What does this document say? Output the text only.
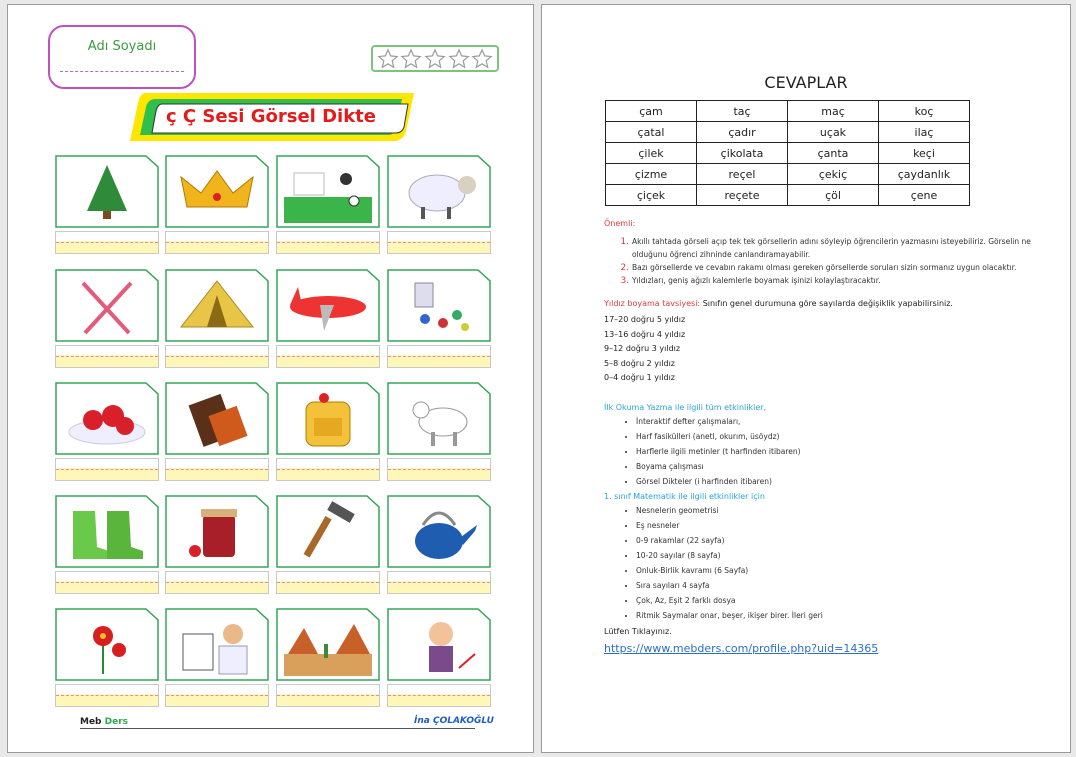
Adı Soyadı
ç Ç Sesi Görsel Dikte
Meb Ders	İna ÇOLAKOĞLU
CEVAPLAR
çam	taç	maç	koç
çatal	çadır	uçak	ilaç
çilek	çikolata	çanta	keçi
çizme	reçel	çekiç	çaydanlık
çiçek	reçete	çöl	çene
Önemli:
1. Akıllı tahtada görseli açıp tek tek görsellerin adını söyleyip öğrencilerin yazmasını isteyebiliriz. Görselin ne olduğunu öğrenci zihninde canlandıramayabilir.
2. Bazı görsellerde ve cevabın rakamı olması gereken görsellerde soruları sizin sormanız uygun olacaktır.
3. Yıldızları, geniş ağızlı kalemlerle boyamak işinizi kolaylaştıracaktır.
Yıldız boyama tavsiyesi: Sınıfın genel durumuna göre sayılarda değişiklik yapabilirsiniz.
17–20 doğru 5 yıldız
13–16 doğru 4 yıldız
9–12 doğru 3 yıldız
5–8 doğru 2 yıldız
0–4 doğru 1 yıldız
İlk Okuma Yazma ile ilgili tüm etkinlikler,
• İnteraktif defter çalışmaları,
• Harf fasikülleri (anetl, okurım, üsöydz)
• Harflerle ilgili metinler (t harfinden itibaren)
• Boyama çalışması
• Görsel Dikteler (i harfinden itibaren)
1. sınıf Matematik ile ilgili etkinlikler için
• Nesnelerin geometrisi
• Eş nesneler
• 0-9 rakamlar (22 sayfa)
• 10-20 sayılar (8 sayfa)
• Onluk-Birlik kavramı (6 Sayfa)
• Sıra sayıları 4 sayfa
• Çok, Az, Eşit 2 farklı dosya
• Ritmik Saymalar onar, beşer, ikişer birer. İleri geri
Lütfen Tıklayınız.
https://www.mebders.com/profile.php?uid=14365
